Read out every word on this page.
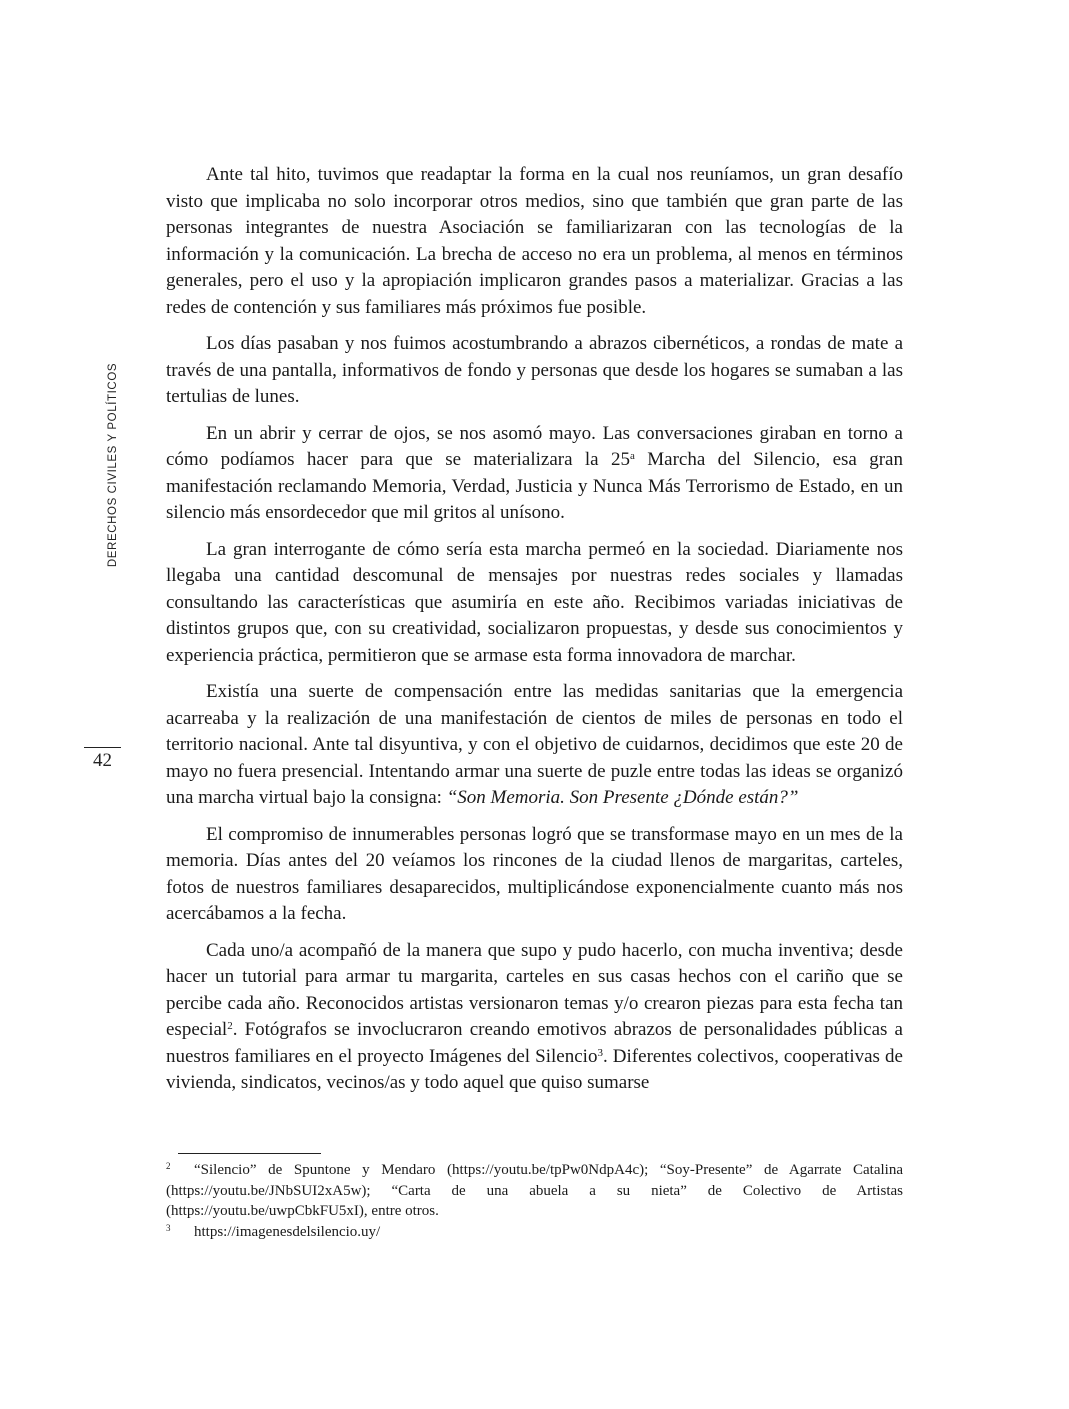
DERECHOS CIVILES Y POLÍTICOS
42

Ante tal hito, tuvimos que readaptar la forma en la cual nos reuníamos, un gran desafío visto que implicaba no solo incorporar otros medios, sino que también que gran parte de las personas integrantes de nuestra Asociación se familiarizaran con las tecnologías de la información y la comunicación. La brecha de acceso no era un problema, al menos en términos generales, pero el uso y la apropiación implicaron grandes pasos a materializar. Gracias a las redes de contención y sus familiares más próximos fue posible.

Los días pasaban y nos fuimos acostumbrando a abrazos cibernéticos, a rondas de mate a través de una pantalla, informativos de fondo y personas que desde los hogares se sumaban a las tertulias de lunes.

En un abrir y cerrar de ojos, se nos asomó mayo. Las conversaciones giraban en torno a cómo podíamos hacer para que se materializara la 25$^a$ Marcha del Silencio, esa gran manifestación reclamando Memoria, Verdad, Justicia y Nunca Más Terrorismo de Estado, en un silencio más ensordecedor que mil gritos al unísono.

La gran interrogante de cómo sería esta marcha permeó en la sociedad. Diariamente nos llegaba una cantidad descomunal de mensajes por nuestras redes sociales y llamadas consultando las características que asumiría en este año. Recibimos variadas iniciativas de distintos grupos que, con su creatividad, socializaron propuestas, y desde sus conocimientos y experiencia práctica, permitieron que se armase esta forma innovadora de marchar.

Existía una suerte de compensación entre las medidas sanitarias que la emergencia acarreaba y la realización de una manifestación de cientos de miles de personas en todo el territorio nacional. Ante tal disyuntiva, y con el objetivo de cuidarnos, decidimos que este 20 de mayo no fuera presencial. Intentando armar una suerte de puzle entre todas las ideas se organizó una marcha virtual bajo la consigna: “Son Memoria. Son Presente ¿Dónde están?”

El compromiso de innumerables personas logró que se transformase mayo en un mes de la memoria. Días antes del 20 veíamos los rincones de la ciudad llenos de margaritas, carteles, fotos de nuestros familiares desaparecidos, multiplicándose exponencialmente cuanto más nos acercábamos a la fecha.

Cada uno/a acompañó de la manera que supo y pudo hacerlo, con mucha inventiva; desde hacer un tutorial para armar tu margarita, carteles en sus casas hechos con el cariño que se percibe cada año. Reconocidos artistas versionaron temas y/o crearon piezas para esta fecha tan especial$^2$. Fotógrafos se invoclucraron creando emotivos abrazos de personalidades públicas a nuestros familiares en el proyecto Imágenes del Silencio$^3$. Diferentes colectivos, cooperativas de vivienda, sindicatos, vecinos/as y todo aquel que quiso sumarse

2 “Silencio” de Spuntone y Mendaro (https://youtu.be/tpPw0NdpA4c); “Soy-Presente” de Agarrate Catalina (https://youtu.be/JNbSUI2xA5w); “Carta de una abuela a su nieta” de Colectivo de Artistas (https://youtu.be/uwpCbkFU5xI), entre otros.

3 https://imagenesdelsilencio.uy/
